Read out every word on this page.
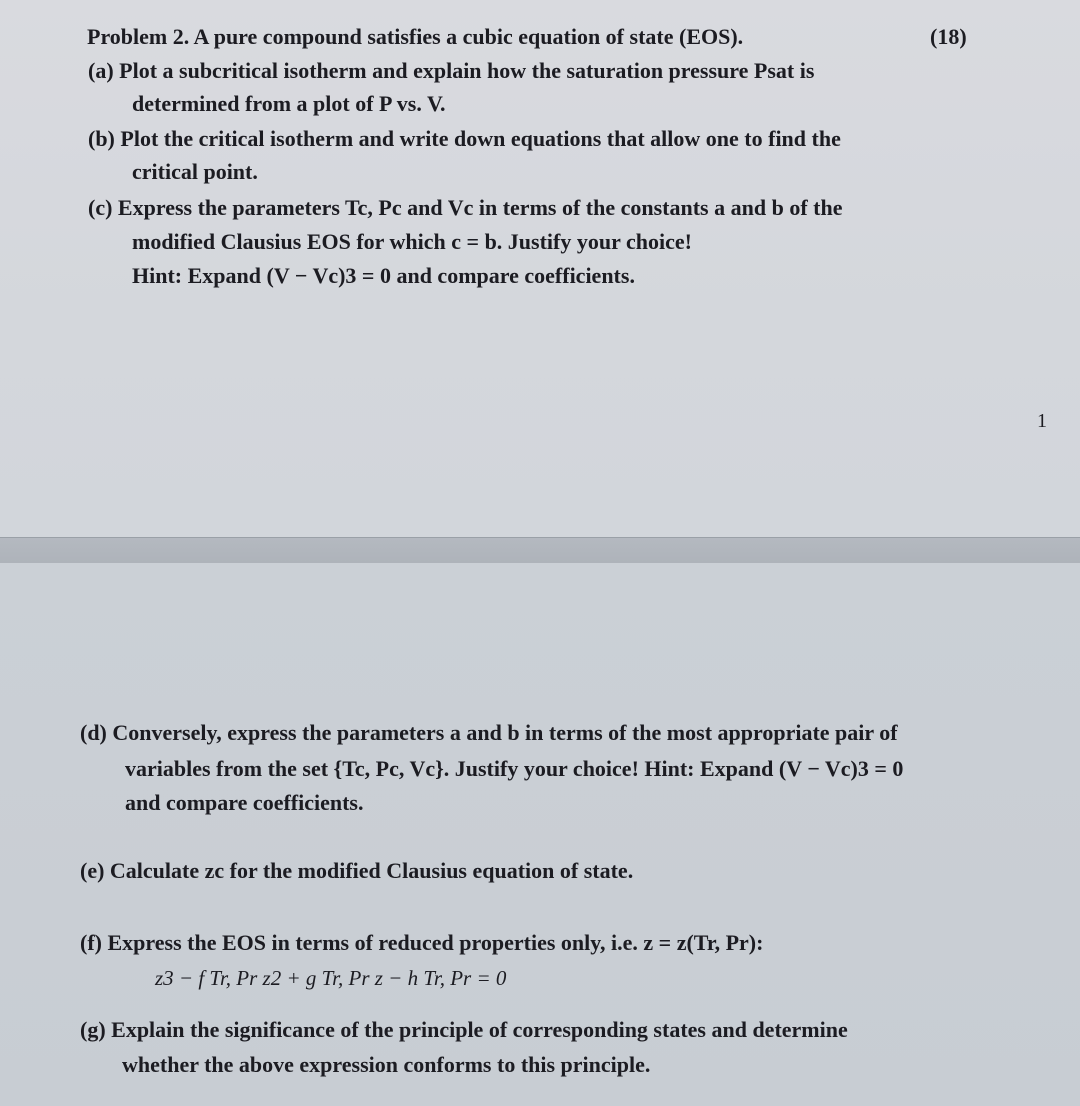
Problem 2. A pure compound satisfies a cubic equation of state (EOS).	(18)
(a) Plot a subcritical isotherm and explain how the saturation pressure Psat is
determined from a plot of P vs. V.
(b) Plot the critical isotherm and write down equations that allow one to find the
critical point.
(c) Express the parameters Tc, Pc and Vc in terms of the constants a and b of the
modified Clausius EOS for which c = b. Justify your choice!
Hint: Expand (V − Vc)3 = 0 and compare coefficients.
1
(d) Conversely, express the parameters a and b in terms of the most appropriate pair of
variables from the set {Tc, Pc, Vc}. Justify your choice! Hint: Expand (V − Vc)3 = 0
and compare coefficients.
(e) Calculate zc for the modified Clausius equation of state.
(f) Express the EOS in terms of reduced properties only, i.e. z = z(Tr, Pr):
z3 − f Tr, Pr z2 + g Tr, Pr z − h Tr, Pr = 0
(g) Explain the significance of the principle of corresponding states and determine
whether the above expression conforms to this principle.
